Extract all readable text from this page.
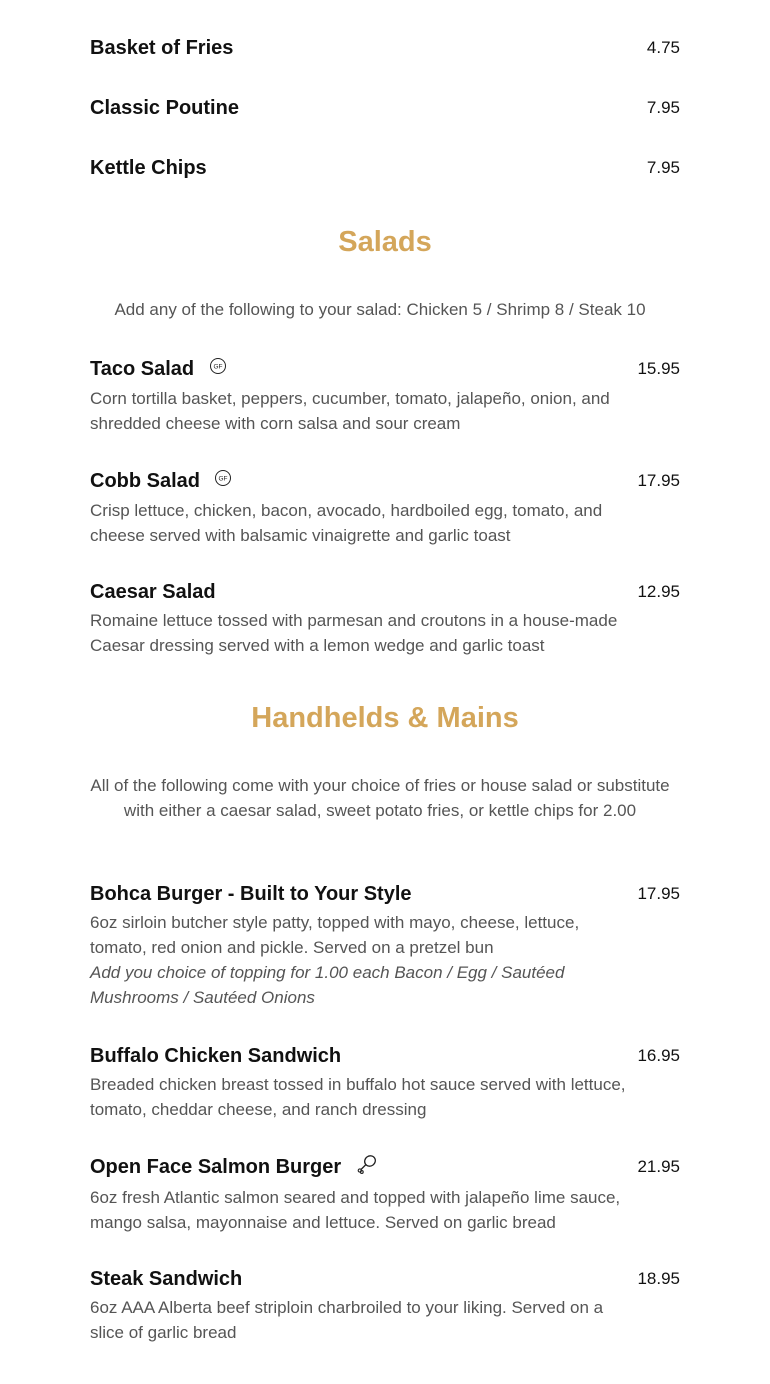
Basket of Fries	4.75
Classic Poutine	7.95
Kettle Chips	7.95
Salads
Add any of the following to your salad: Chicken 5 / Shrimp 8 / Steak 10
Taco Salad	GF	15.95
Corn tortilla basket, peppers, cucumber, tomato, jalapeño, onion, and shredded cheese with corn salsa and sour cream
Cobb Salad	GF	17.95
Crisp lettuce, chicken, bacon, avocado, hardboiled egg, tomato, and cheese served with balsamic vinaigrette and garlic toast
Caesar Salad	12.95
Romaine lettuce tossed with parmesan and croutons in a house-made Caesar dressing served with a lemon wedge and garlic toast
Handhelds & Mains
All of the following come with your choice of fries or house salad or substitute with either a caesar salad, sweet potato fries, or kettle chips for 2.00
Bohca Burger - Built to Your Style	17.95
6oz sirloin butcher style patty, topped with mayo, cheese, lettuce, tomato, red onion and pickle. Served on a pretzel bun
Add you choice of topping for 1.00 each Bacon / Egg / Sautéed Mushrooms / Sautéed Onions
Buffalo Chicken Sandwich	16.95
Breaded chicken breast tossed in buffalo hot sauce served with lettuce, tomato, cheddar cheese, and ranch dressing
Open Face Salmon Burger	21.95
6oz fresh Atlantic salmon seared and topped with jalapeño lime sauce, mango salsa, mayonnaise and lettuce. Served on garlic bread
Steak Sandwich	18.95
6oz AAA Alberta beef striploin charbroiled to your liking. Served on a slice of garlic bread
